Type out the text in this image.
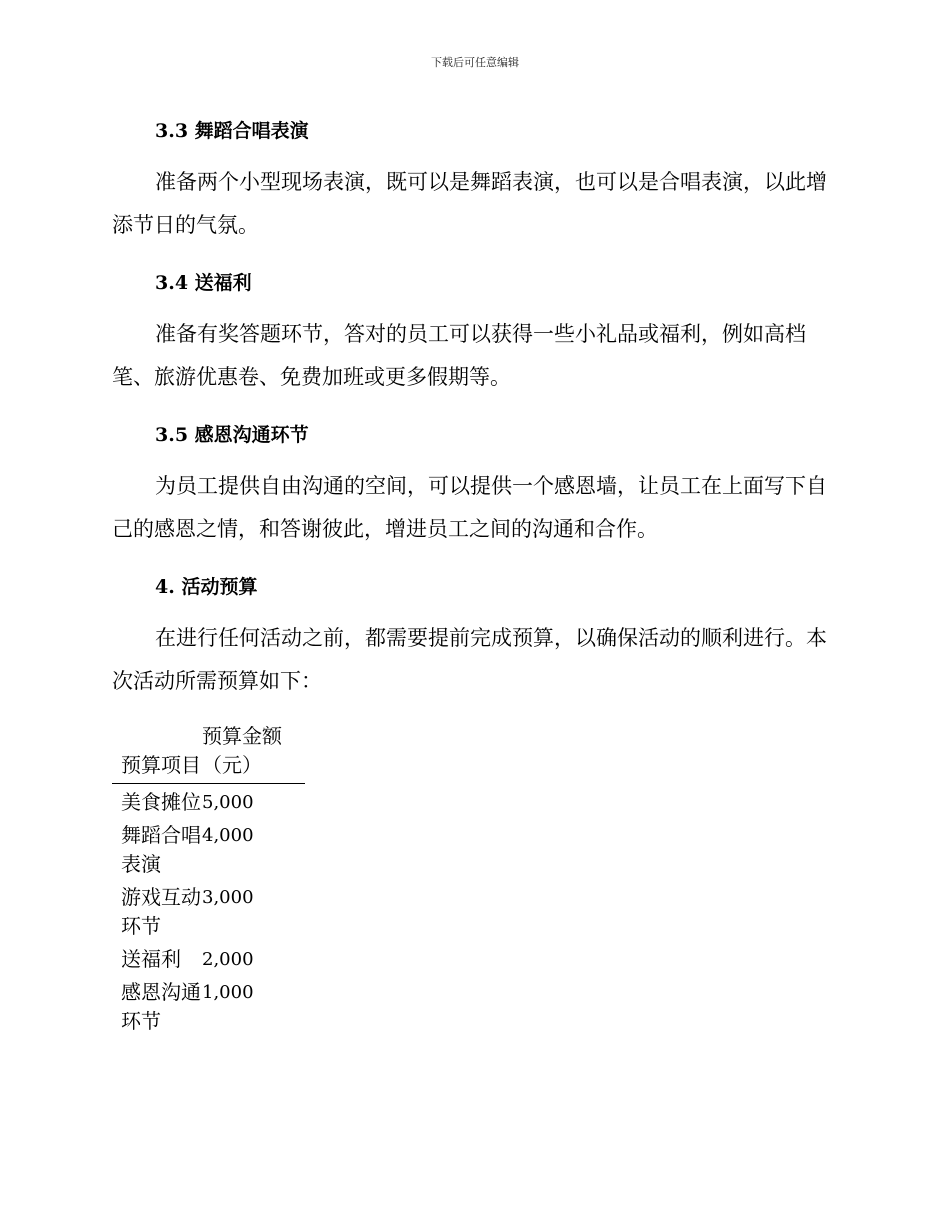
下载后可任意编辑
3.3 舞蹈合唱表演
准备两个小型现场表演，既可以是舞蹈表演，也可以是合唱表演，以此增添节日的气氛。
3.4 送福利
准备有奖答题环节，答对的员工可以获得一些小礼品或福利，例如高档笔、旅游优惠卷、免费加班或更多假期等。
3.5 感恩沟通环节
为员工提供自由沟通的空间，可以提供一个感恩墙，让员工在上面写下自己的感恩之情，和答谢彼此，增进员工之间的沟通和合作。
4. 活动预算
在进行任何活动之前，都需要提前完成预算，以确保活动的顺利进行。本次活动所需预算如下：
预算项目
预算金额（元）
美食摊位 5,000
舞蹈合唱表演
4,000
游戏互动环节
3,000
送福利	2,000
感恩沟通环节
1,000
